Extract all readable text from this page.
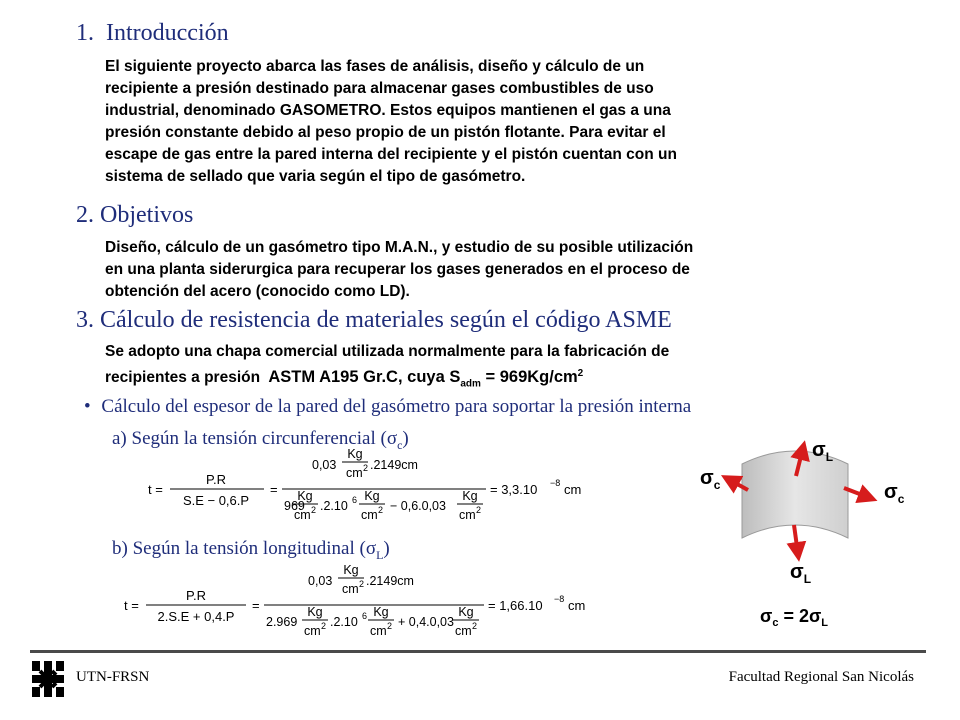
1. Introducción

El siguiente proyecto abarca las fases de análisis, diseño y cálculo de un

recipiente a presión destinado para almacenar gases combustibles de uso

industrial, denominado GASOMETRO. Estos equipos mantienen el gas a una

presión constante debido al peso propio de un pistón flotante. Para evitar el

escape de gas entre la pared interna del recipiente y el pistón cuentan con un

sistema de sellado que varia según el tipo de gasómetro.

2. Objetivos

Diseño, cálculo de un gasómetro tipo M.A.N., y estudio de su posible utilización

en una planta siderurgica para recuperar los gases generados en el proceso de

obtención del acero (conocido como LD).

3. Cálculo de resistencia de materiales según el código ASME

Se adopto una chapa comercial utilizada normalmente para la fabricación de

recipientes a presión ASTM A195 Gr.C, cuya $S_{adm} = 969Kg/cm^2$

• Cálculo del espesor de la pared del gasómetro para soportar la presión interna
a) Según la tensión circunferencial $(\sigma_c)$
t =
P.R
S.E − 0,6.P
=
0,03
Kg
cm 2 .2149cm
969
Kg
cm 2 .2.10 6 Kg
cm 2 − 0,6.0,03
Kg
cm 2
= 3,3.10 −8 cm
b) Según la tensión longitudinal $(\sigma_L)$
t =
P.R
2.S.E + 0,4.P
=
0,03
Kg
cm 2 .2149cm
2.969
Kg
cm 2 .2.10 6 Kg
cm 2 + 0,4.0,03
Kg
cm 2
= 1,66.10 −8 cm
$\sigma_L$
$\sigma_c$	$\sigma_c$
$\sigma_L$
$\sigma_c = 2\sigma_L$
UTN-FRSN	Facultad Regional San Nicolás
